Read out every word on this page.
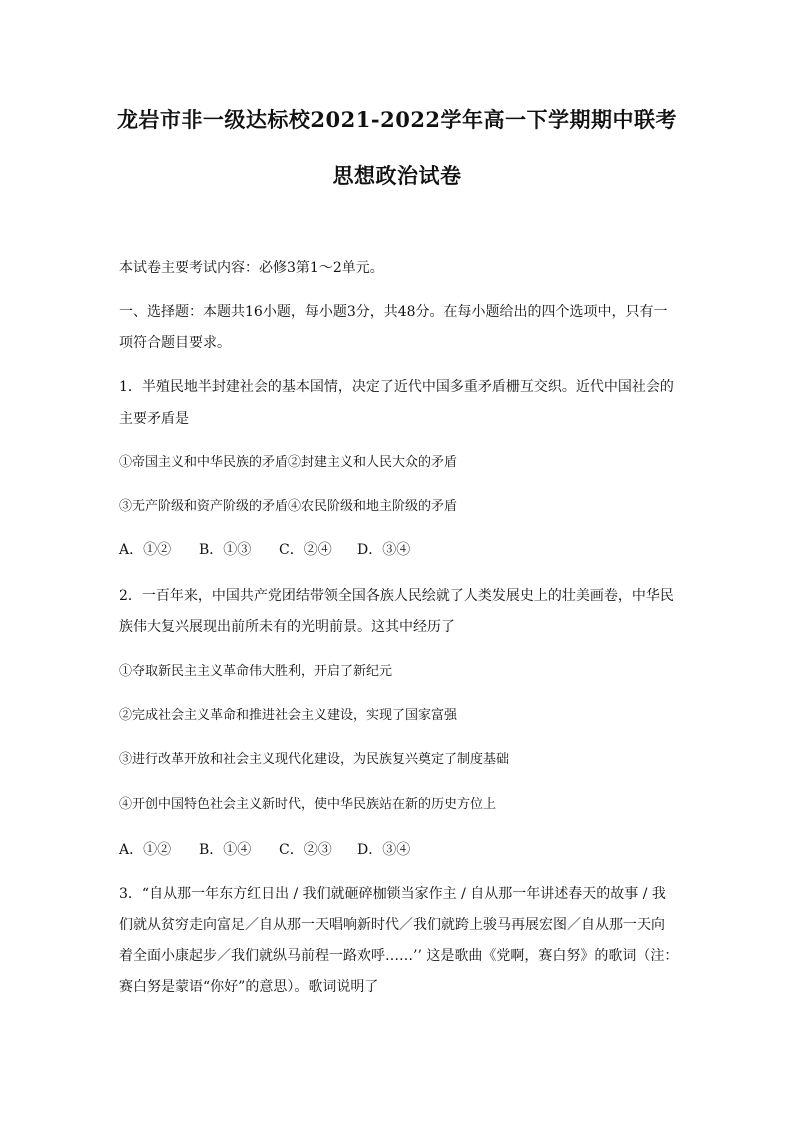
龙岩市非一级达标校2021-2022学年高一下学期期中联考
思想政治试卷
本试卷主要考试内容：必修3第1～2单元。
一、选择题：本题共16小题，每小题3分，共48分。在每小题给出的四个选项中，只有一
项符合题目要求。
1．半殖民地半封建社会的基本国情，决定了近代中国多重矛盾栅互交织。近代中国社会的
主要矛盾是
①帝国主义和中华民族的矛盾②封建主义和人民大众的矛盾
③无产阶级和资产阶级的矛盾④农民阶级和地主阶级的矛盾
A．①② B．①③ C．②④ D．③④
2．一百年来，中国共产党团结带领全国各族人民绘就了人类发展史上的壮美画卷，中华民
族伟大复兴展现出前所未有的光明前景。这其中经历了
①夺取新民主主义革命伟大胜利，开启了新纪元
②完成社会主义革命和推进社会主义建设，实现了国家富强
③进行改革开放和社会主义现代化建设，为民族复兴奠定了制度基础
④开创中国特色社会主义新时代，使中华民族站在新的历史方位上
A．①② B．①④ C．②③ D．③④
3．“自从那一年东方红日出 / 我们就砸碎枷锁当家作主 / 自从那一年讲述春天的故事 / 我
们就从贫穷走向富足／自从那一天唱响新时代／我们就跨上骏马再展宏图／自从那一天向
着全面小康起步／我们就纵马前程一路欢呼……’’ 这是歌曲《党啊，赛白努》的歌词（注：
赛白努是蒙语“你好”的意思）。歌词说明了
